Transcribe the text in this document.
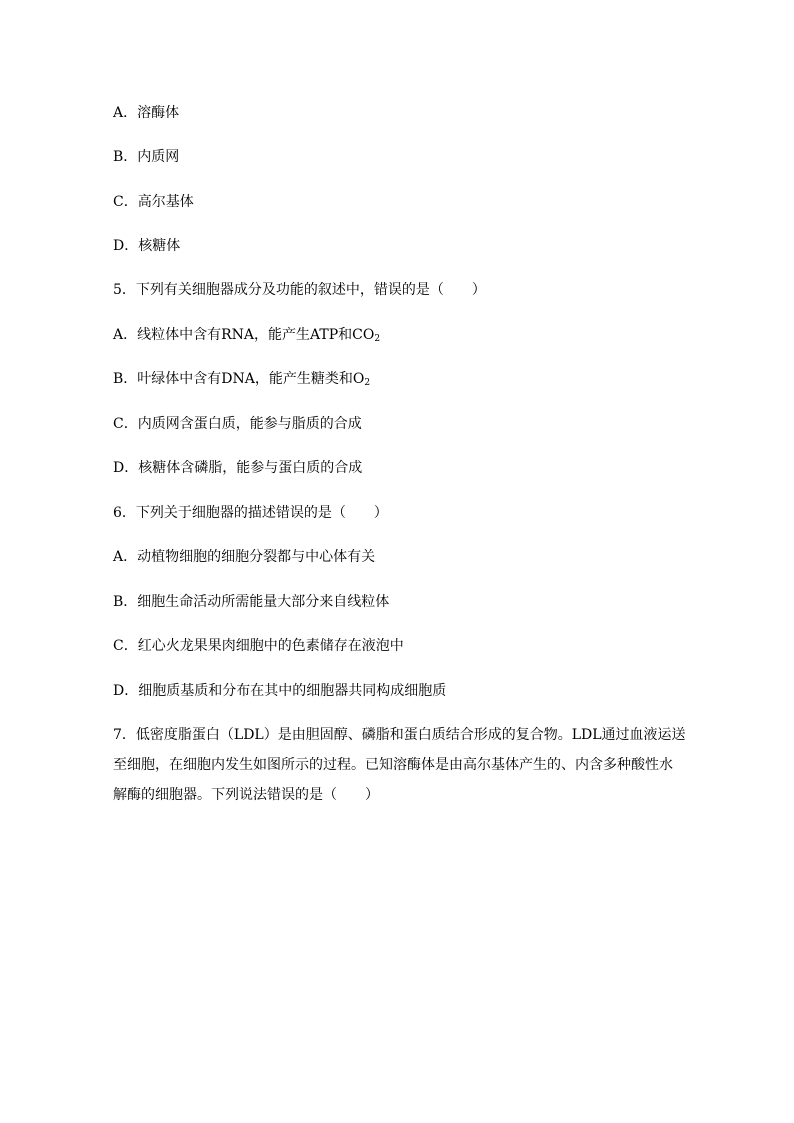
A．溶酶体
B．内质网
C．高尔基体
D．核糖体
5．下列有关细胞器成分及功能的叙述中，错误的是（　　）
A．线粒体中含有RNA，能产生ATP和$CO_2$
B．叶绿体中含有DNA，能产生糖类和$O_2$
C．内质网含蛋白质，能参与脂质的合成
D．核糖体含磷脂，能参与蛋白质的合成
6．下列关于细胞器的描述错误的是（　　）
A．动植物细胞的细胞分裂都与中心体有关
B．细胞生命活动所需能量大部分来自线粒体
C．红心火龙果果肉细胞中的色素储存在液泡中
D．细胞质基质和分布在其中的细胞器共同构成细胞质
7．低密度脂蛋白（LDL）是由胆固醇、磷脂和蛋白质结合形成的复合物。LDL通过血液运送
至细胞，在细胞内发生如图所示的过程。已知溶酶体是由高尔基体产生的、内含多种酸性水
解酶的细胞器。下列说法错误的是（　　）
